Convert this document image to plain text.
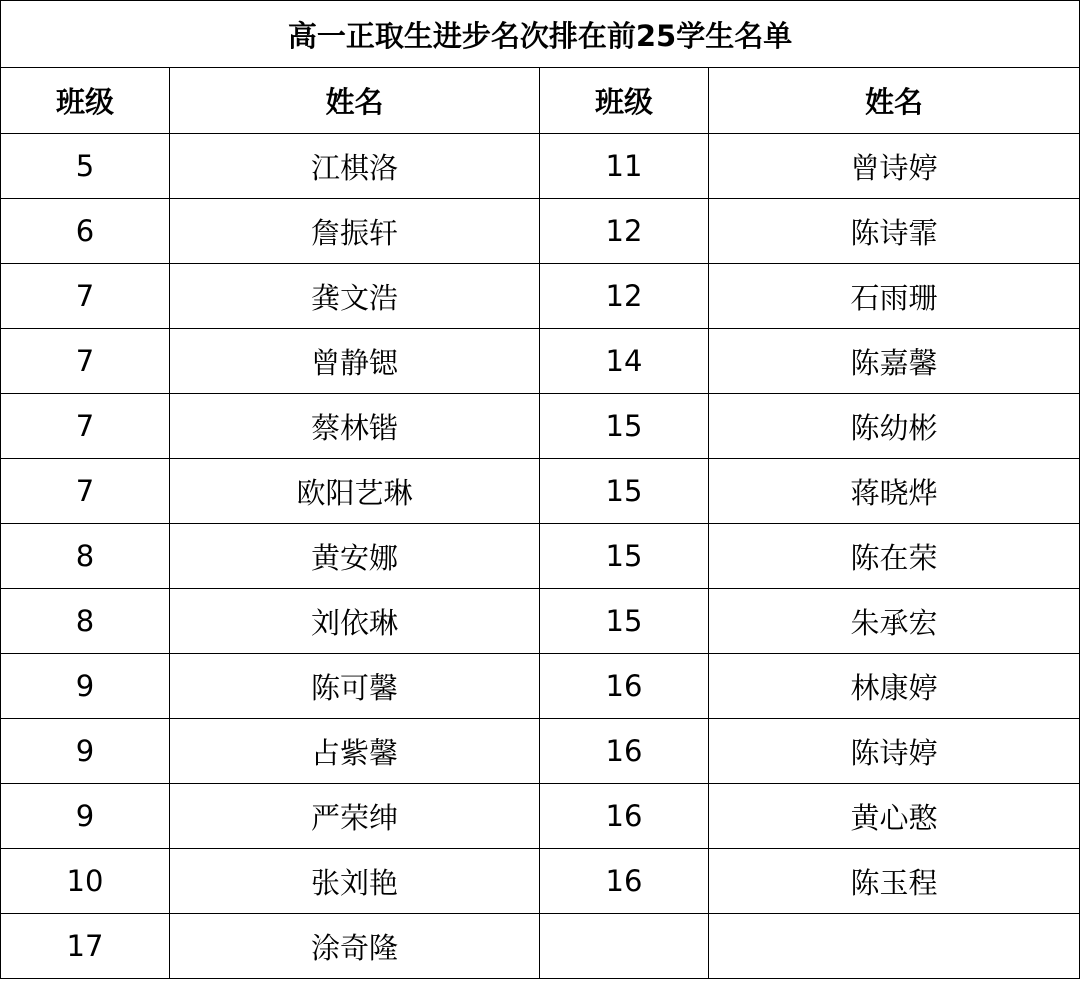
高一正取生进步名次排在前25学生名单			
班级	姓名	班级	姓名
5	江棋洛	11	曾诗婷
6	詹振轩	12	陈诗霏
7	龚文浩	12	石雨珊
7	曾静锶	14	陈嘉馨
7	蔡林锴	15	陈幼彬
7	欧阳艺琳	15	蒋晓烨
8	黄安娜	15	陈在荣
8	刘依琳	15	朱承宏
9	陈可馨	16	林康婷
9	占紫馨	16	陈诗婷
9	严荣绅	16	黄心憨
10	张刘艳	16	陈玉程
17	涂奇隆		
